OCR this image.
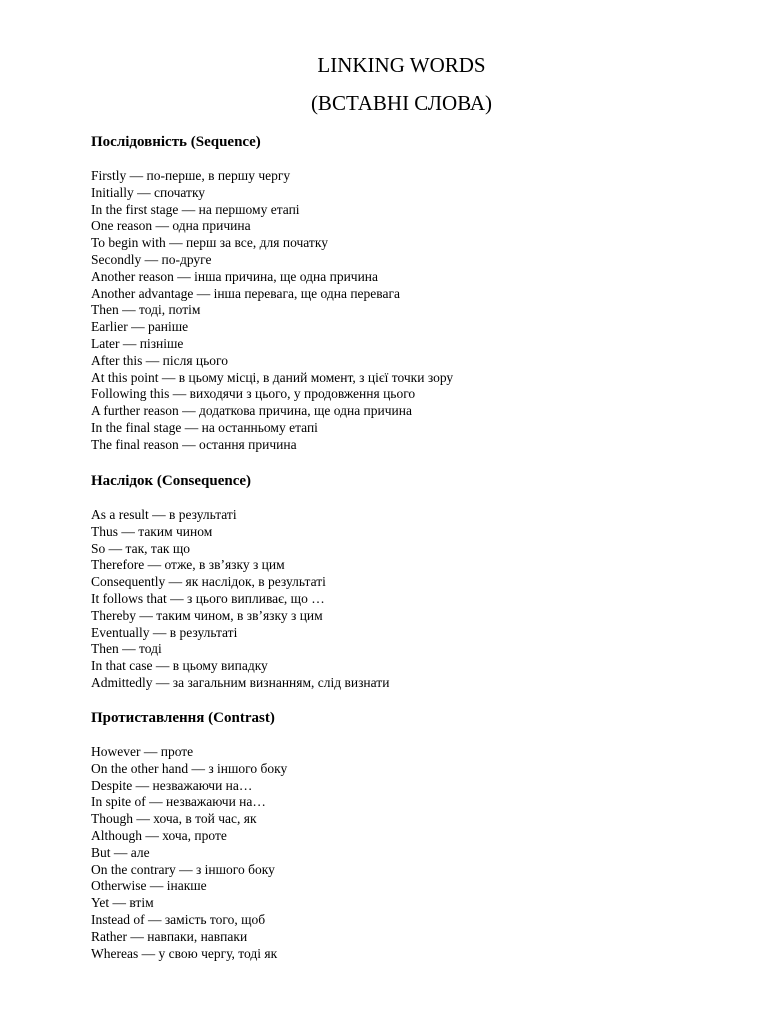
LINKING WORDS
(ВСТАВНІ СЛОВА)
Послідовність (Sequence)
Firstly — по-перше, в першу чергу
Initially — спочатку
In the first stage — на першому етапі
One reason — одна причина
To begin with — перш за все, для початку
Secondly — по-друге
Another reason — інша причина, ще одна причина
Another advantage — інша перевага, ще одна перевага
Then — тоді, потім
Earlier — раніше
Later — пізніше
After this — після цього
At this point — в цьому місці, в даний момент, з цієї точки зору
Following this — виходячи з цього, у продовження цього
A further reason — додаткова причина, ще одна причина
In the final stage — на останньому етапі
The final reason — остання причина
Наслідок (Consequence)
As a result — в результаті
Thus — таким чином
So — так, так що
Therefore — отже, в зв’язку з цим
Consequently — як наслідок, в результаті
It follows that — з цього випливає, що …
Thereby — таким чином, в зв’язку з цим
Eventually — в результаті
Then — тоді
In that case — в цьому випадку
Admittedly — за загальним визнанням, слід визнати
Протиставлення (Contrast)
However — проте
On the other hand — з іншого боку
Despite — незважаючи на…
In spite of — незважаючи на…
Though — хоча, в той час, як
Although — хоча, проте
But — але
On the contrary — з іншого боку
Otherwise — інакше
Yet — втім
Instead of — замість того, щоб
Rather — навпаки, навпаки
Whereas — у свою чергу, тоді як
